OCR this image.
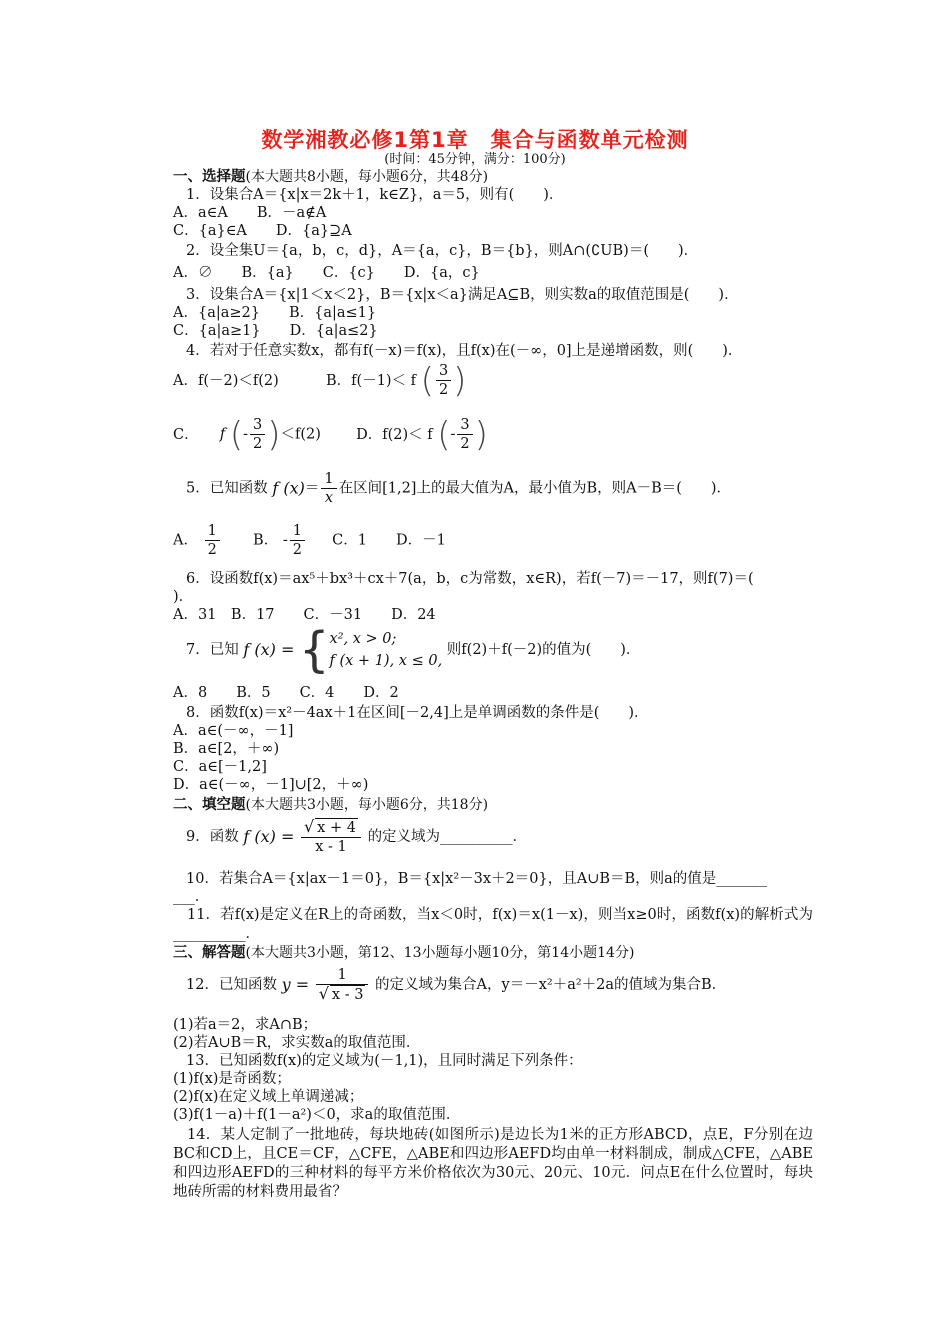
数学湘教必修1第1章　集合与函数单元检测
(时间：45分钟，满分：100分)
一、选择题(本大题共8小题，每小题6分，共48分)
1．设集合A＝{x|x＝2k＋1，k∈Z}，a＝5，则有(　　)．
A．a∈A　　B．－a∉A
C．{a}∈A　　D．{a}⊇A
2．设全集U＝{a，b，c，d}，A＝{a，c}，B＝{b}，则A∩(∁UB)＝(　　)．
A．∅　　B．{a}　　C．{c}　　D．{a，c}
3．设集合A＝{x|1＜x＜2}，B＝{x|x＜a}满足A⊆B，则实数a的取值范围是(　　)．
A．{a|a≥2}　　B．{a|a≤1}
C．{a|a≥1}　　D．{a|a≤2}
4．若对于任意实数x，都有f(－x)＝f(x)，且f(x)在(－∞，0]上是递增函数，则(　　)．
A．f(－2)＜f(2)	B．f(－1)＜ f ( $\frac{3}{2}$ )
C． f (- $\frac{3}{2} )<f(2)$ D．f(2)＜ f (- $\frac{3}{2}$ )
5．已知函数 f $(x)= \frac{1}{x}$ 在区间[1,2]上的最大值为A，最小值为B，则A－B＝(　　)．
A． $\frac{1}{2}$ B． - $\frac{1}{2}$ C．1　　D．－1
6．设函数f(x)＝ax⁵＋bx³＋cx＋7(a，b，c为常数，x∈R)，若f(－7)＝－17，则f(7)＝(
)．
A．31　B．17　　C．－31　　D．24
7．已知 f (x) = { x², x > 0;
f (x + 1), x ≤ 0,
则f(2)＋f(－2)的值为(　　)．
A．8　　B．5　　C．4　　D．2
8．函数f(x)＝x²－4ax＋1在区间[－2,4]上是单调函数的条件是(　　)．
A．a∈(－∞，－1]
B．a∈[2，＋∞)
C．a∈[－1,2]
D．a∈(－∞，－1]∪[2，＋∞)
二、填空题(本大题共3小题，每小题6分，共18分)
9．函数 f $(x) = \frac{√ x + 4}{x - 1}$ 的定义域为__________．
10．若集合A＝{x|ax－1＝0}，B＝{x|x²－3x＋2＝0}，且A∪B＝B，则a的值是_______
___．
11．若f(x)是定义在R上的奇函数，当x＜0时，f(x)＝x(1－x)，则当x≥0时，函数f(x)的解析式为__________．
三、解答题(本大题共3小题，第12、13小题每小题10分，第14小题14分)
12．已知函数 $y = \frac{1}{√ x - 3}$ 的定义域为集合A，y＝－x²＋a²＋2a的值域为集合B．
(1)若a＝2，求A∩B；
(2)若A∪B＝R，求实数a的取值范围．
13．已知函数f(x)的定义域为(－1,1)，且同时满足下列条件：
(1)f(x)是奇函数；
(2)f(x)在定义域上单调递减；
(3)f(1－a)＋f(1－a²)＜0，求a的取值范围．
14．某人定制了一批地砖，每块地砖(如图所示)是边长为1米的正方形ABCD，点E，F分别在边BC和CD上，且CE＝CF，△CFE，△ABE和四边形AEFD均由单一材料制成，制成△CFE，△ABE和四边形AEFD的三种材料的每平方米价格依次为30元、20元、10元．问点E在什么位置时，每块地砖所需的材料费用最省？
